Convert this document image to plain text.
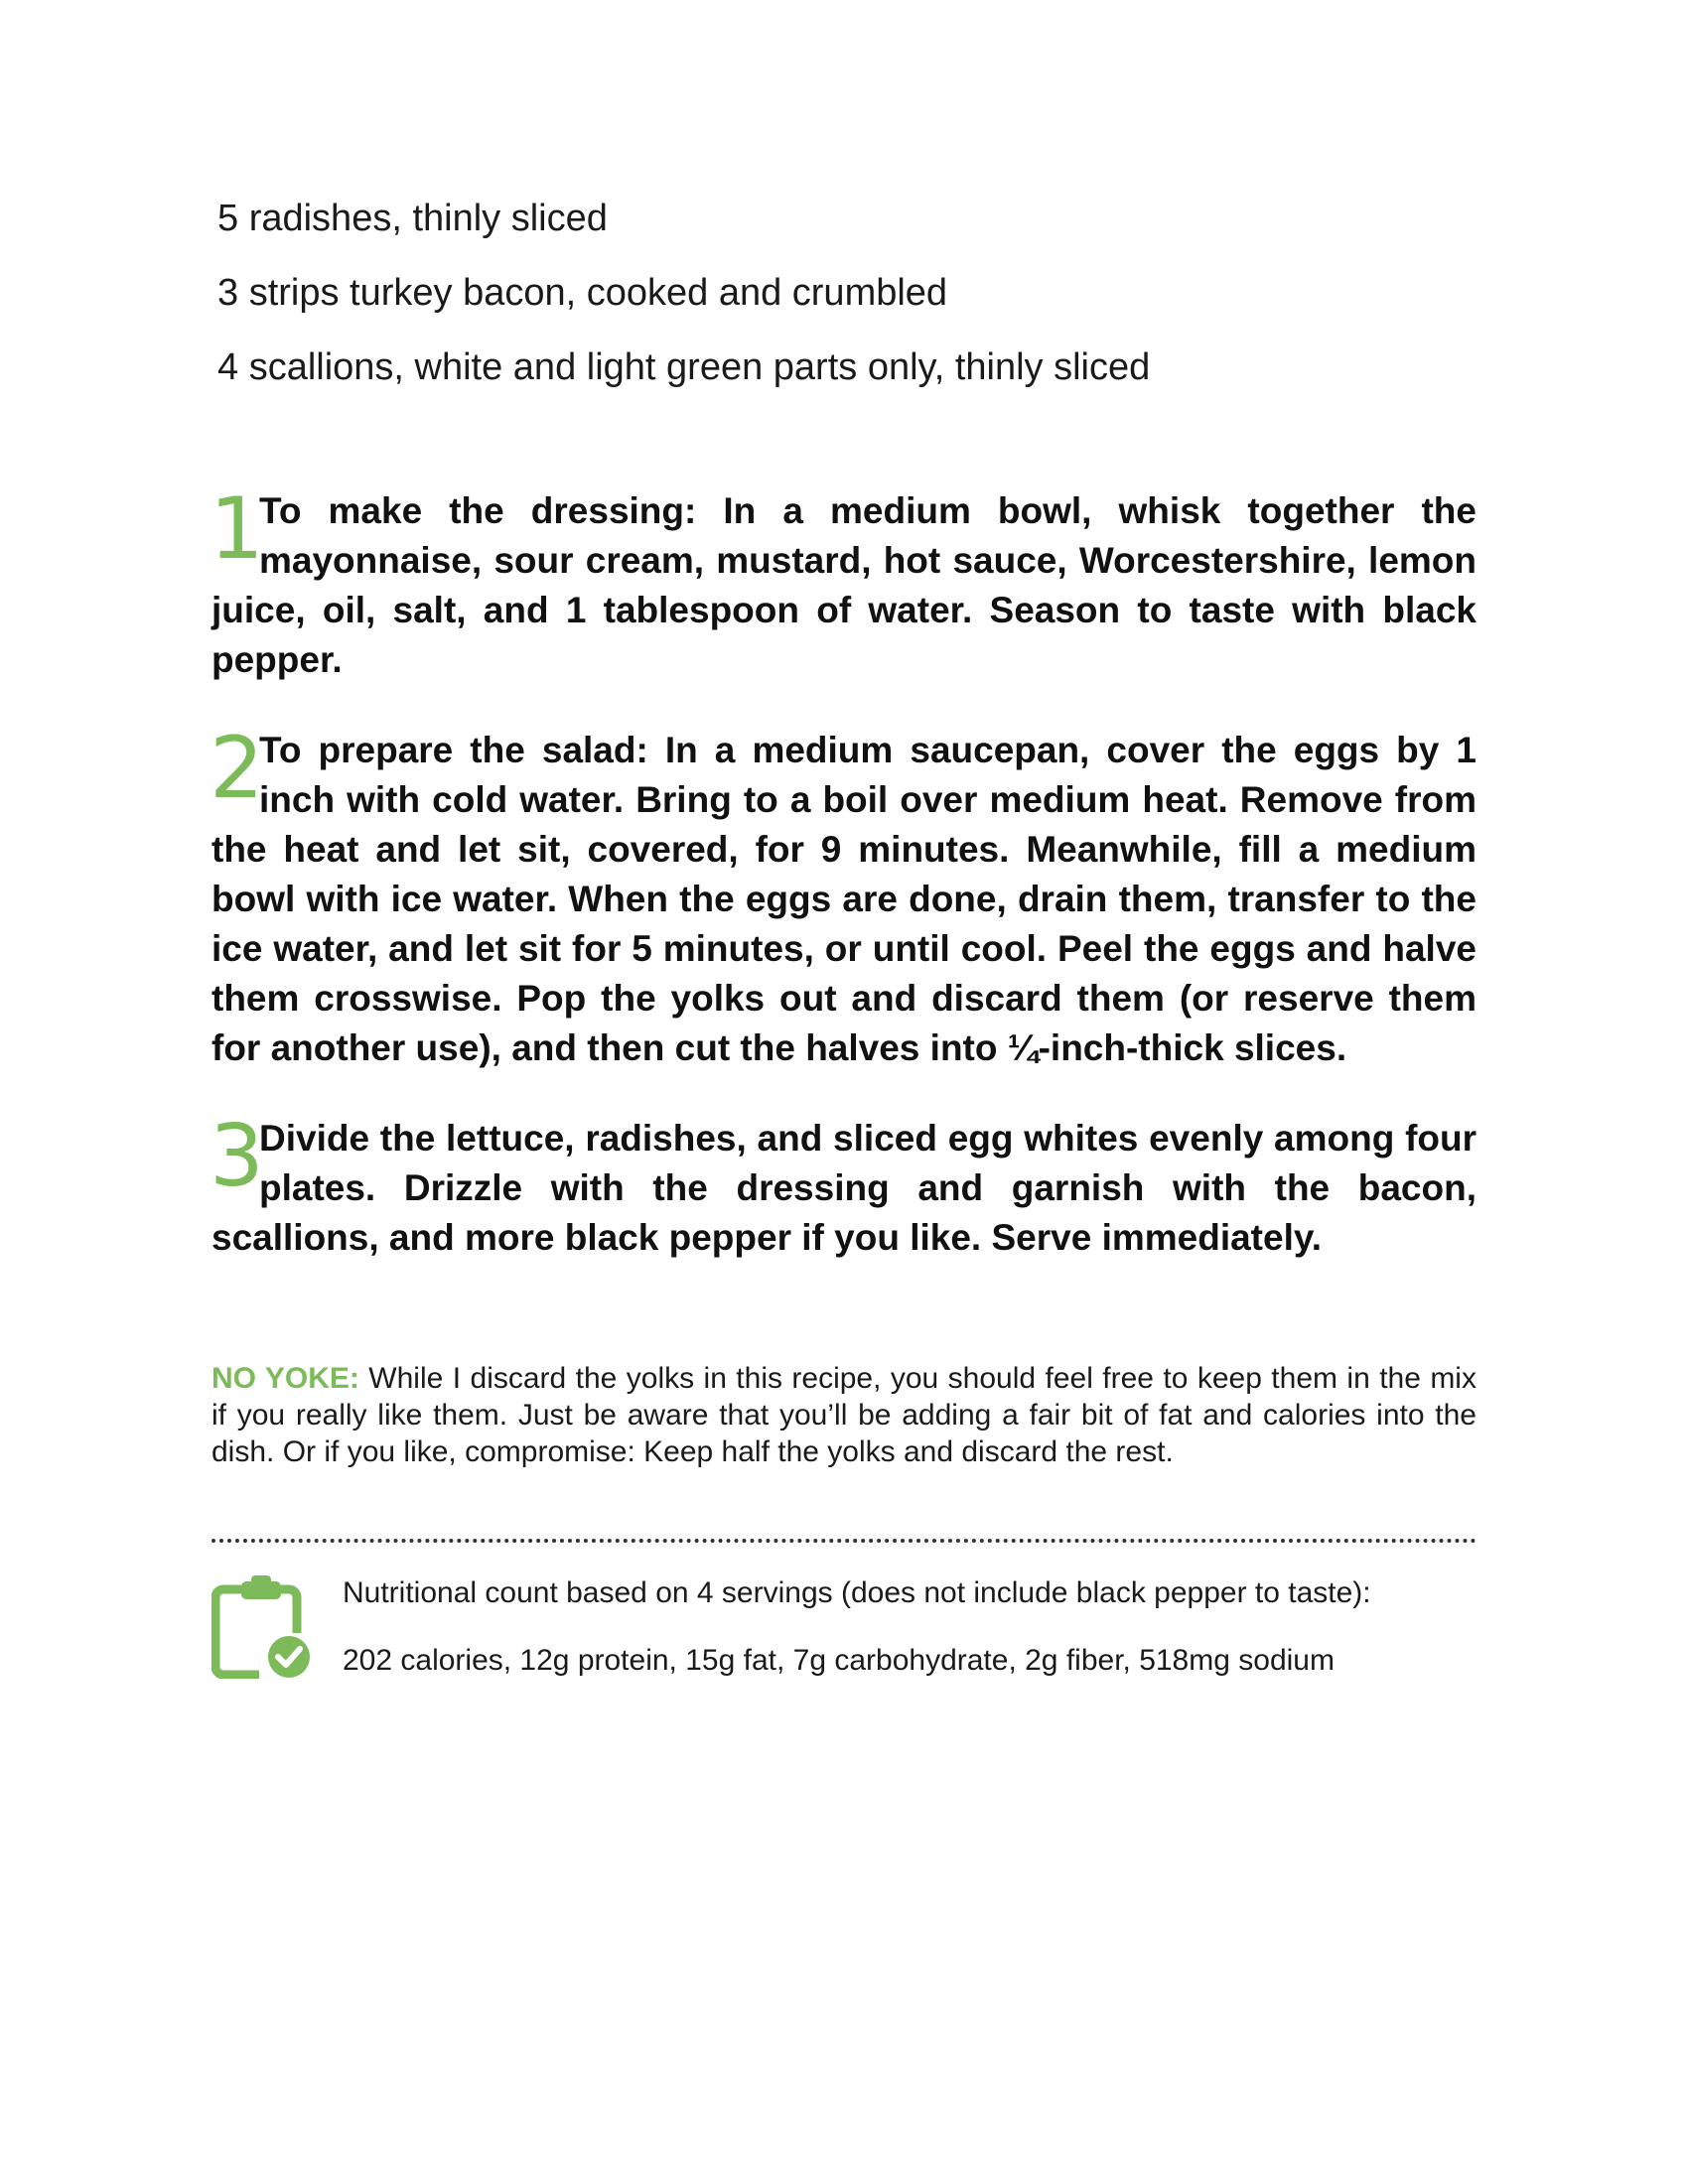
5 radishes, thinly sliced

3 strips turkey bacon, cooked and crumbled

4 scallions, white and light green parts only, thinly sliced

1
To make the dressing: In a medium bowl, whisk together the mayonnaise, sour cream, mustard, hot sauce, Worcestershire, lemon juice, oil, salt, and 1 tablespoon of water. Season to taste with black pepper.
2
To prepare the salad: In a medium saucepan, cover the eggs by 1 inch with cold water. Bring to a boil over medium heat. Remove from the heat and let sit, covered, for 9 minutes. Meanwhile, fill a medium bowl with ice water. When the eggs are done, drain them, transfer to the ice water, and let sit for 5 minutes, or until cool. Peel the eggs and halve them crosswise. Pop the yolks out and discard them (or reserve them for another use), and then cut the halves into ¼-inch-thick slices.
3
Divide the lettuce, radishes, and sliced egg whites evenly among four plates. Drizzle with the dressing and garnish with the bacon, scallions, and more black pepper if you like. Serve immediately.
NO YOKE: While I discard the yolks in this recipe, you should feel free to keep them in the mix if you really like them. Just be aware that you’ll be adding a fair bit of fat and calories into the dish. Or if you like, compromise: Keep half the yolks and discard the rest.
Nutritional count based on 4 servings (does not include black pepper to taste):
202 calories, 12g protein, 15g fat, 7g carbohydrate, 2g fiber, 518mg sodium
